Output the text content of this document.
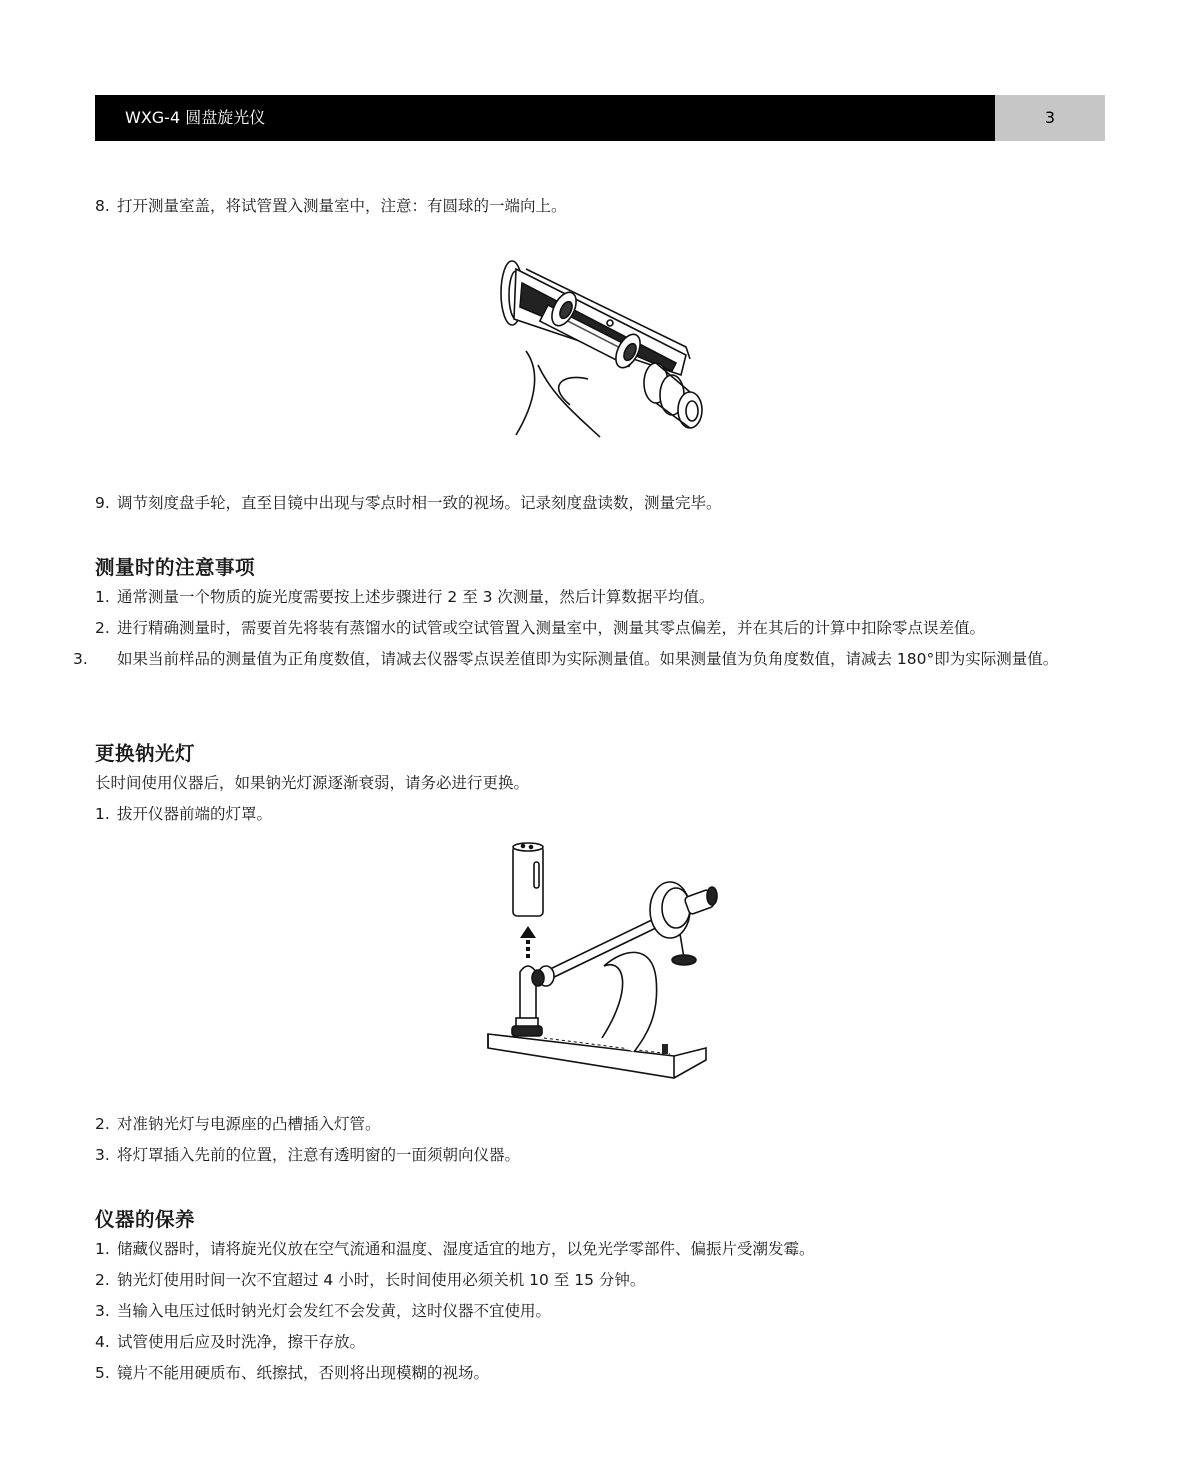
WXG-4 圆盘旋光仪	3

8. 打开测量室盖，将试管置入测量室中，注意：有圆球的一端向上。

9. 调节刻度盘手轮，直至目镜中出现与零点时相一致的视场。记录刻度盘读数，测量完毕。

测量时的注意事项

1. 通常测量一个物质的旋光度需要按上述步骤进行 2 至 3 次测量，然后计算数据平均值。

2. 进行精确测量时，需要首先将装有蒸馏水的试管或空试管置入测量室中，测量其零点偏差，并在其后的计算中扣除零点误差值。

3. 如果当前样品的测量值为正角度数值，请减去仪器零点误差值即为实际测量值。如果测量值为负角度数值，请减去 180°即为实际测量值。

更换钠光灯

长时间使用仪器后，如果钠光灯源逐渐衰弱，请务必进行更换。

1. 拔开仪器前端的灯罩。

2. 对准钠光灯与电源座的凸槽插入灯管。

3. 将灯罩插入先前的位置，注意有透明窗的一面须朝向仪器。

仪器的保养

1. 储藏仪器时，请将旋光仪放在空气流通和温度、湿度适宜的地方，以免光学零部件、偏振片受潮发霉。

2. 钠光灯使用时间一次不宜超过 4 小时，长时间使用必须关机 10 至 15 分钟。

3. 当输入电压过低时钠光灯会发红不会发黄，这时仪器不宜使用。

4. 试管使用后应及时洗净，擦干存放。

5. 镜片不能用硬质布、纸擦拭，否则将出现模糊的视场。
